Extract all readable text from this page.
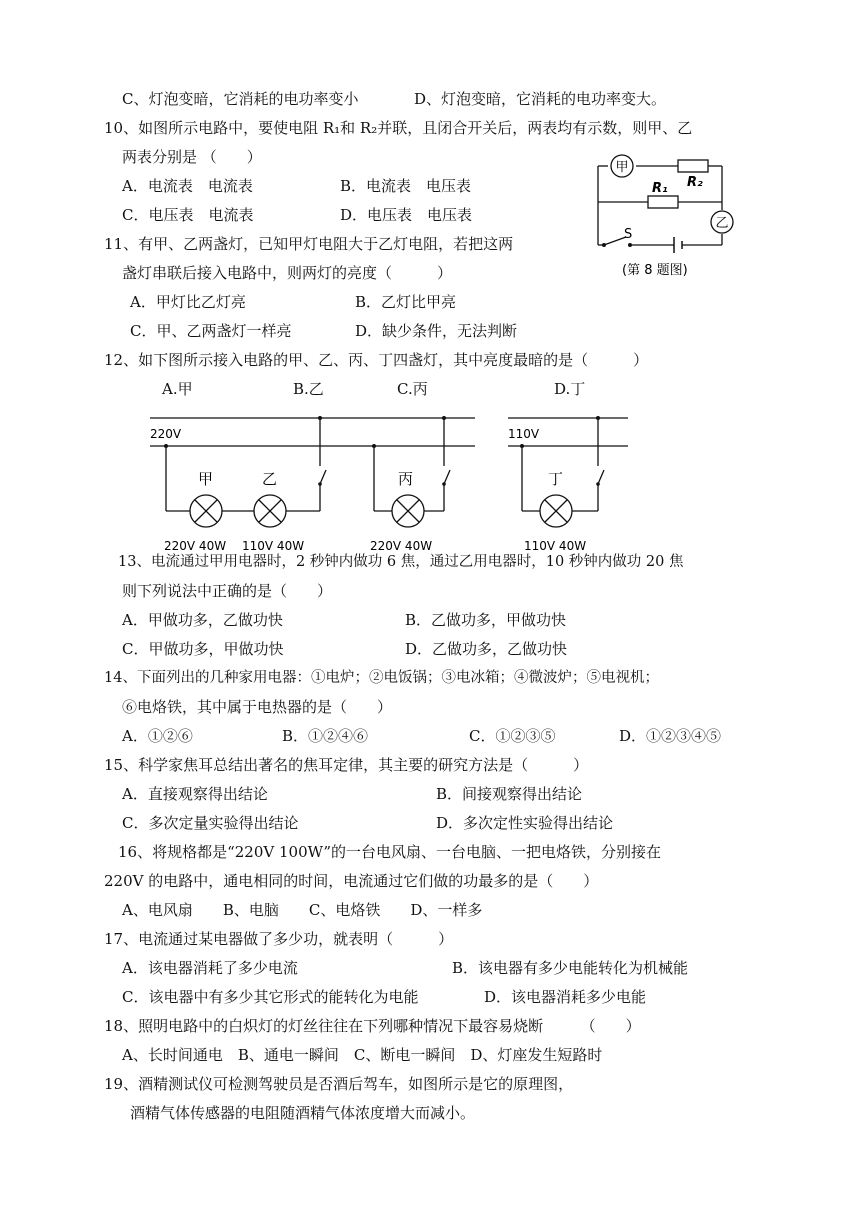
C、灯泡变暗，它消耗的电功率变小	D、灯泡变暗，它消耗的电功率变大。
10、如图所示电路中，要使电阻 R₁和 R₂并联，且闭合开关后，两表均有示数，则甲、乙
两表分别是 （　　）
A．电流表　电流表	B．电流表　电压表
C．电压表　电流表	D．电压表　电压表
甲
R₂
R₁
乙
S
(第 8 题图)
11、有甲、乙两盏灯，已知甲灯电阻大于乙灯电阻，若把这两
盏灯串联后接入电路中，则两灯的亮度（　　　）
A．甲灯比乙灯亮	B．乙灯比甲亮
C．甲、乙两盏灯一样亮	D．缺少条件，无法判断
12、如下图所示接入电路的甲、乙、丙、丁四盏灯，其中亮度最暗的是（　　　）
A.甲	B.乙	C.丙	D.丁
220V	110V
甲	乙	丙	丁
220V 40W 110V 40W	220V 40W	110V 40W
13、电流通过甲用电器时，2 秒钟内做功 6 焦，通过乙用电器时，10 秒钟内做功 20 焦
则下列说法中正确的是（　　）
A．甲做功多，乙做功快	B．乙做功多，甲做功快
C．甲做功多，甲做功快	D．乙做功多，乙做功快
14、下面列出的几种家用电器：①电炉；②电饭锅；③电冰箱；④微波炉；⑤电视机；
⑥电烙铁，其中属于电热器的是（　　）
A．①②⑥	B．①②④⑥	C．①②③⑤	D．①②③④⑤
15、科学家焦耳总结出著名的焦耳定律，其主要的研究方法是（　　　）
A．直接观察得出结论	B．间接观察得出结论
C．多次定量实验得出结论	D．多次定性实验得出结论
16、将规格都是“220V 100W”的一台电风扇、一台电脑、一把电烙铁，分别接在
220V 的电路中，通电相同的时间，电流通过它们做的功最多的是（　　）
A、电风扇　　B、电脑　　C、电烙铁　　D、一样多
17、电流通过某电器做了多少功，就表明（　　　）
A．该电器消耗了多少电流	B．该电器有多少电能转化为机械能
C．该电器中有多少其它形式的能转化为电能	D．该电器消耗多少电能
18、照明电路中的白炽灯的灯丝往往在下列哪种情况下最容易烧断　　　（　　）
A、长时间通电　B、通电一瞬间　C、断电一瞬间　D、灯座发生短路时
19、酒精测试仪可检测驾驶员是否酒后驾车，如图所示是它的原理图，
酒精气体传感器的电阻随酒精气体浓度增大而减小。
